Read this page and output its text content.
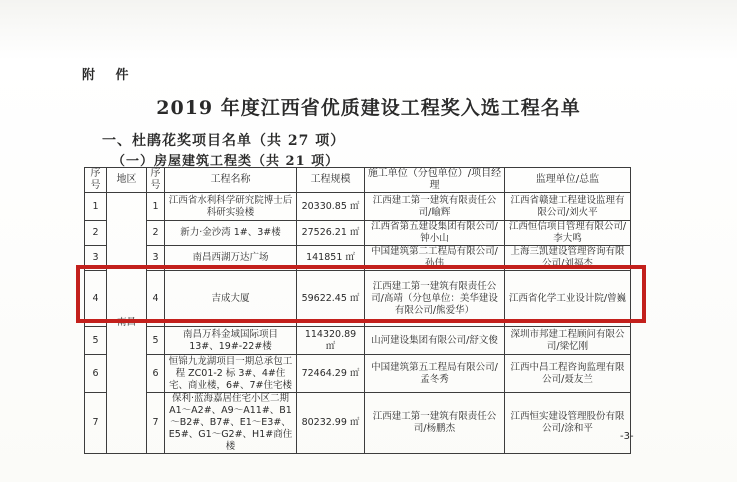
附 件
2019 年度江西省优质建设工程奖入选工程名单
一、杜鹃花奖项目名单（共 27 项）
（一）房屋建筑工程类（共 21 项）
序号	地区	序号	工程名称	工程规模	施工单位（分包单位）/项目经理	监理单位/总监
1	南昌	1	江西省水利科学研究院博士后科研实验楼	20330.85 ㎡	江西建工第一建筑有限责任公司/喻辉	江西省赣建工程建设监理有限公司/刘火平
2		2	新力·金沙湾 1#、3#楼	27526.21 ㎡	江西省第五建设集团有限公司/钟小山	江西恒信项目管理有限公司/李大鸣
3		3	南昌西湖万达广场	141851 ㎡	中国建筑第二工程局有限公司/孙伟	上海三凯建设管理咨询有限公司/刘福杰
4		4	吉成大厦	59622.45 ㎡	江西建工第一建筑有限责任公司/高靖（分包单位：美华建设有限公司/熊爱华）	江西省化学工业设计院/曾巍
5		5	南昌万科金域国际项目 13#、19#-22#楼	114320.89 ㎡	山河建设集团有限公司/舒文俊	深圳市邦建工程顾问有限公司/梁忆刚
6		6	恒锦九龙湖项目一期总承包工程 ZC01-2 标 3#、4#住宅、商业楼，6#、7#住宅楼	72464.29 ㎡	中国建筑第五工程局有限公司/孟冬秀	江西中昌工程咨询监理有限公司/聂友兰
7		7	保利·蓝海嘉居住宅小区二期 A1～A2#、A9～A11#、B1～B2#、B7#、E1～E3#、E5#、G1～G2#、H1#商住楼	80232.99 ㎡	江西建工第一建筑有限责任公司/杨鹏杰	江西恒实建设管理股份有限公司/涂和平
-3-
